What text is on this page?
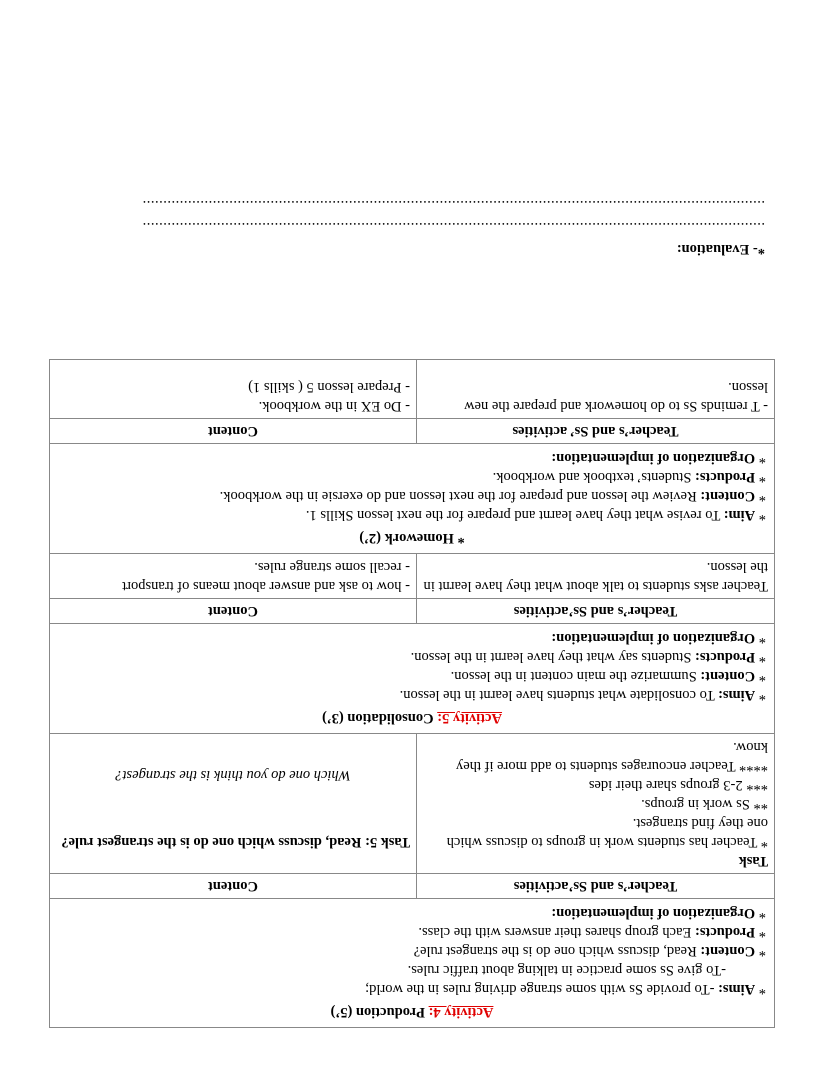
Activity 4: Production (5’)
* Aims: -To provide Ss with some strange driving rules in the world;
-To give Ss some practice in talking about traffic rules.
* Content: Read, discuss which one do is the strangest rule?
* Products: Each group shares their answers with the class.
* Organization of implementation:
Teacher’s and Ss’activities
Content
Task
* Teacher has students work in groups to discuss which one they find strangest.
** Ss work in groups.
*** 2-3 groups share their ides
**** Teacher encourages students to add more if they know.
Task 5: Read, discuss which one do is the strangest rule?
Which one do you think is the strangest?
Activity 5: Consolidation (3’)
* Aims: To consolidate what students have learnt in the lesson.
* Content: Summarize the main content in the lesson.
* Products: Students say what they have learnt in the lesson.
* Organization of implementation:
Teacher’s and Ss’activities
Content
Teacher asks students to talk about what they have learnt in the lesson.
- how to ask and answer about means of transport
- recall some strange rules.
* Homework (2’)
* Aim: To revise what they have learnt and prepare for the next lesson Skills 1.
* Content: Review the lesson and prepare for the next lesson and do exersie in the workbook.
* Products: Students’ textbook and workbook.
* Organization of implementation:
Teacher’s and Ss’ activities
Content
- T reminds Ss to do homework and prepare the new lesson.
- Do EX in the workbook.
- Prepare lesson 5 ( skills 1)
*- Evaluation:
.......................................................................................................................................................
.......................................................................................................................................................
